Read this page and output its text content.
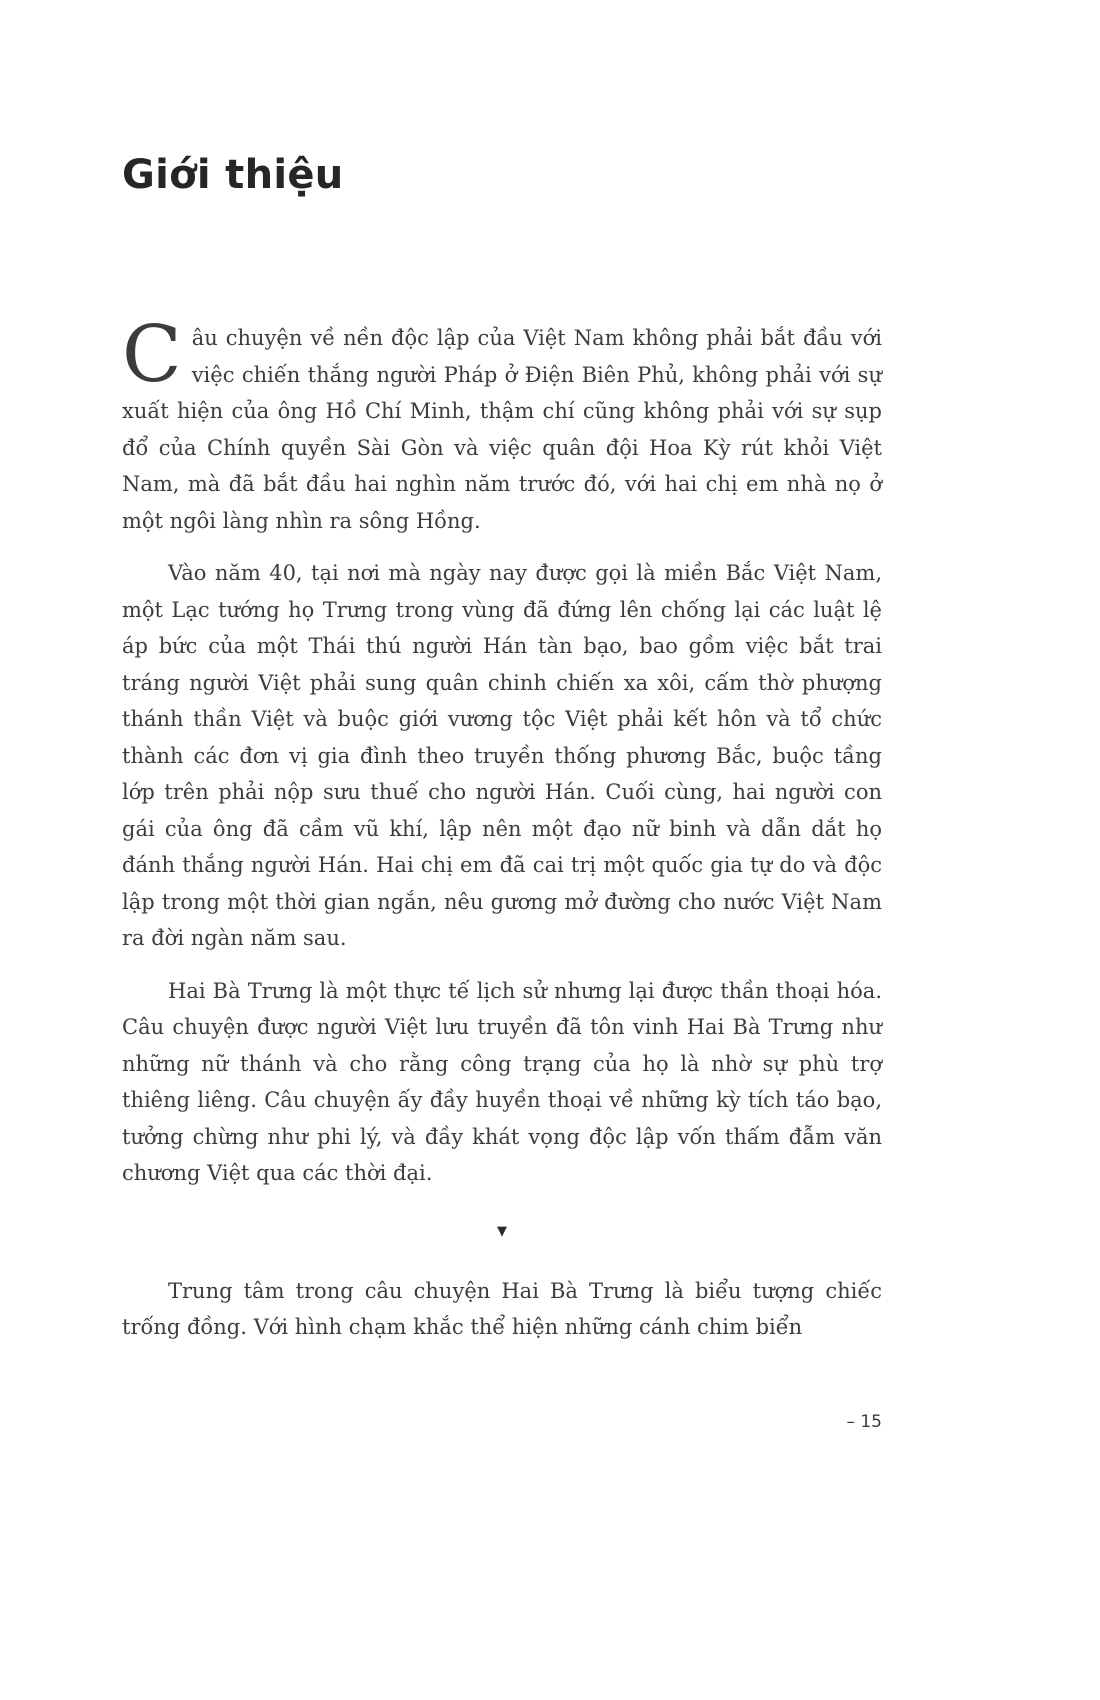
Giới thiệu

Câu chuyện về nền độc lập của Việt Nam không phải bắt đầu với việc chiến thắng người Pháp ở Điện Biên Phủ, không phải với sự xuất hiện của ông Hồ Chí Minh, thậm chí cũng không phải với sự sụp đổ của Chính quyền Sài Gòn và việc quân đội Hoa Kỳ rút khỏi Việt Nam, mà đã bắt đầu hai nghìn năm trước đó, với hai chị em nhà nọ ở một ngôi làng nhìn ra sông Hồng.

Vào năm 40, tại nơi mà ngày nay được gọi là miền Bắc Việt Nam, một Lạc tướng họ Trưng trong vùng đã đứng lên chống lại các luật lệ áp bức của một Thái thú người Hán tàn bạo, bao gồm việc bắt trai tráng người Việt phải sung quân chinh chiến xa xôi, cấm thờ phượng thánh thần Việt và buộc giới vương tộc Việt phải kết hôn và tổ chức thành các đơn vị gia đình theo truyền thống phương Bắc, buộc tầng lớp trên phải nộp sưu thuế cho người Hán. Cuối cùng, hai người con gái của ông đã cầm vũ khí, lập nên một đạo nữ binh và dẫn dắt họ đánh thắng người Hán. Hai chị em đã cai trị một quốc gia tự do và độc lập trong một thời gian ngắn, nêu gương mở đường cho nước Việt Nam ra đời ngàn năm sau.

Hai Bà Trưng là một thực tế lịch sử nhưng lại được thần thoại hóa. Câu chuyện được người Việt lưu truyền đã tôn vinh Hai Bà Trưng như những nữ thánh và cho rằng công trạng của họ là nhờ sự phù trợ thiêng liêng. Câu chuyện ấy đầy huyền thoại về những kỳ tích táo bạo, tưởng chừng như phi lý, và đầy khát vọng độc lập vốn thấm đẫm văn chương Việt qua các thời đại.

▼

Trung tâm trong câu chuyện Hai Bà Trưng là biểu tượng chiếc trống đồng. Với hình chạm khắc thể hiện những cánh chim biển

– 15
